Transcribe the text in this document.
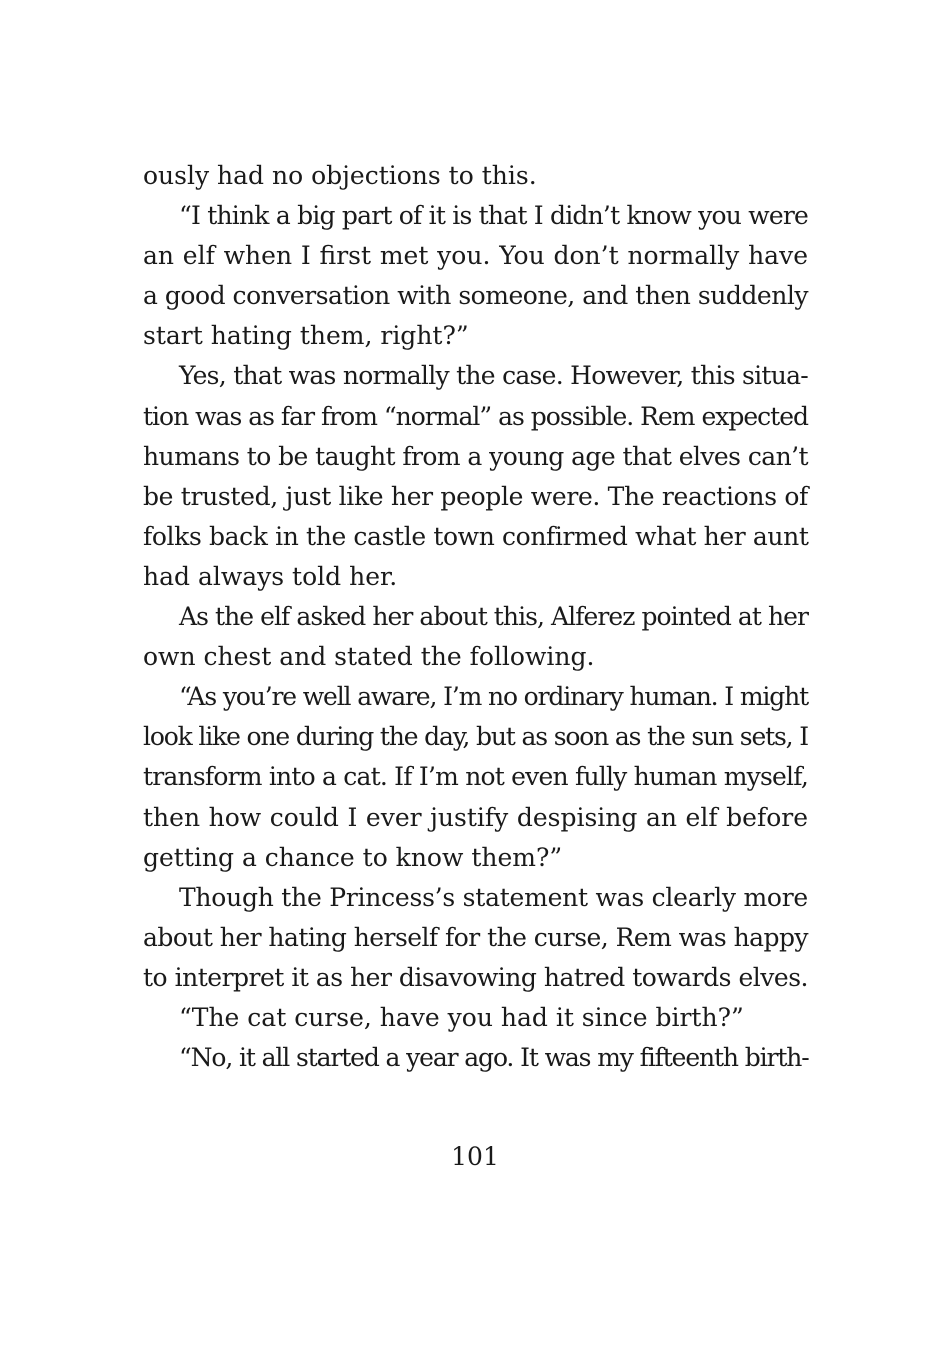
ously had no objections to this.
“I think a big part of it is that I didn’t know you were
an elf when I first met you. You don’t normally have
a good conversation with someone, and then suddenly
start hating them, right?”
Yes, that was normally the case. However, this situa-
tion was as far from “normal” as possible. Rem expected
humans to be taught from a young age that elves can’t
be trusted, just like her people were. The reactions of
folks back in the castle town confirmed what her aunt
had always told her.
As the elf asked her about this, Alferez pointed at her
own chest and stated the following.
“As you’re well aware, I’m no ordinary human. I might
look like one during the day, but as soon as the sun sets, I
transform into a cat. If I’m not even fully human myself,
then how could I ever justify despising an elf before
getting a chance to know them?”
Though the Princess’s statement was clearly more
about her hating herself for the curse, Rem was happy
to interpret it as her disavowing hatred towards elves.
“The cat curse, have you had it since birth?”
“No, it all started a year ago. It was my fifteenth birth-
101
